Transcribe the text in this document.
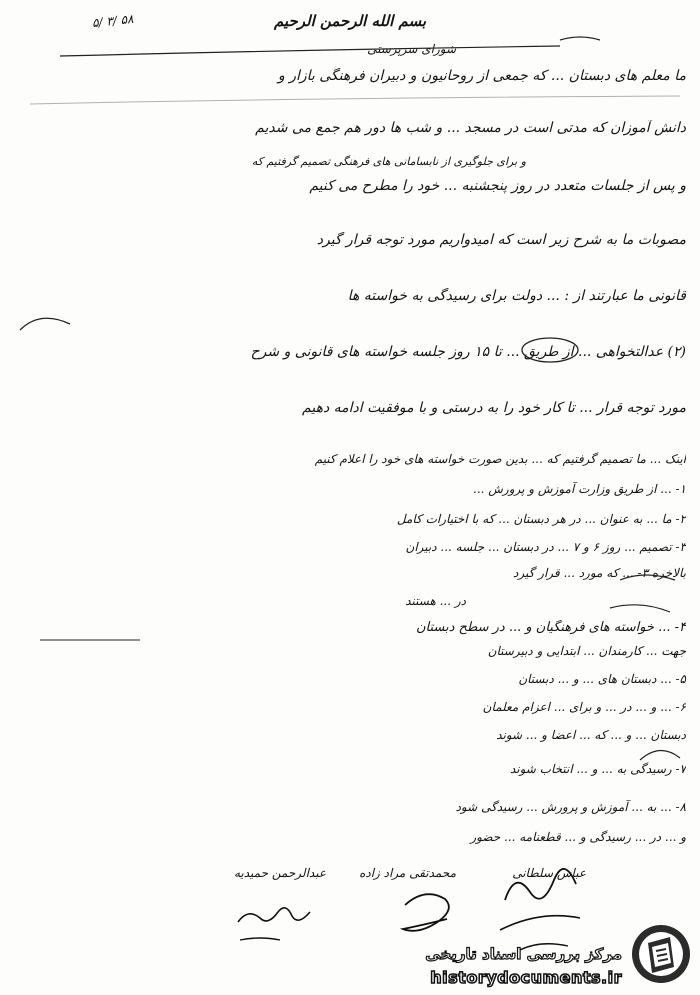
۵/ ۳/ ۵۸	بسم الله الرحمن الرحیم
شورای سرپرستی
ما معلم های دبستان ... که جمعی از روحانیون و دبیران فرهنگی بازار و
دانش آموزان که مدتی است در مسجد ... و شب ها دور هم جمع می شدیم
و برای جلوگیری از نابسامانی های فرهنگی تصمیم گرفتیم که
و پس از جلسات متعدد در روز پنجشنبه ... خود را مطرح می کنیم
مصوبات ما به شرح زیر است که امیدواریم مورد توجه قرار گیرد
قانونی ما عبارتند از : ... دولت برای رسیدگی به خواسته ها
(۲) عدالتخواهی ... از طریق ... تا ۱۵ روز جلسه خواسته های قانونی و شرح
مورد توجه قرار ... تا کار خود را به درستی و با موفقیت ادامه دهیم
اینک ... ما تصمیم گرفتیم که ... بدین صورت خواسته های خود را اعلام کنیم
۱- ... از طریق وزارت آموزش و پرورش ...
۲- ما ... به عنوان ... در هر دبستان ... که با اختیارات کامل
۳- تصمیم ... روز ۶ و ۷ ... در دبستان ... جلسه ... دبیران
بالاخره ۳- ... که مورد ... قرار گیرد
در ... هستند
۴- ... خواسته های فرهنگیان و ... در سطح دبستان
جهت ... کارمندان ... ابتدایی و دبیرستان
۵- ... دبستان های ... و ... دبستان
۶- ... و ... در ... و برای ... اعزام معلمان
دبستان ... و ... که ... اعضا و ... شوند
۷- رسیدگی به ... و ... انتخاب شوند
۸- ... به ... آموزش و پرورش ... رسیدگی شود
و ... در ... رسیدگی و ... قطعنامه ... حضور
عبدالرحمن حمیدیه	محمدتقی مراد زاده	عباس سلطانی
مرکز بررسی اسناد تاریخی
historydocuments.ir
